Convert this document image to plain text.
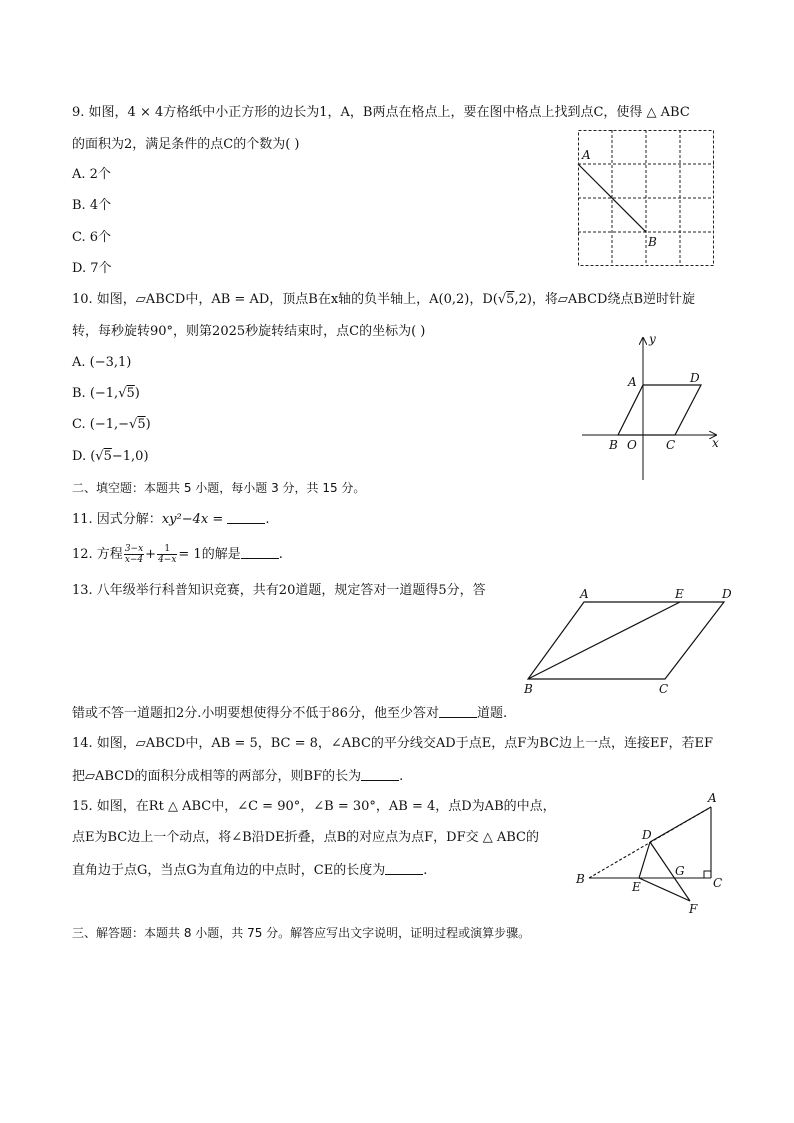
9. 如图，4 × 4方格纸中小正方形的边长为1，A，B两点在格点上，要在图中格点上找到点C，使得 △ ABC
的面积为2，满足条件的点C的个数为( )
A. 2个
B. 4个
C. 6个
D. 7个
A
B
10. 如图，▱ABCD中，AB = AD，顶点B在x轴的负半轴上，A(0,2)，D(√5,2)，将▱ABCD绕点B逆时针旋
转，每秒旋转90°，则第2025秒旋转结束时，点C的坐标为( )
A. (−3,1)
B. (−1,√5)
C. (−1,−√5)
D. (√5−1,0)
y
x
A	D
B O C
二、填空题：本题共 5 小题，每小题 3 分，共 15 分。
11. 因式分解：xy²−4x =	.
12. 方程 $\frac{3-x}{x-4} + \frac{1}{4-x} = 1$的解是	.
13. 八年级举行科普知识竞赛，共有20道题，规定答对一道题得5分，答
错或不答一道题扣2分.小明要想使得分不低于86分，他至少答对	道题.
A	E	D
B	C
14. 如图，▱ABCD中，AB = 5，BC = 8，∠ABC的平分线交AD于点E，点F为BC边上一点，连接EF，若EF
把▱ABCD的面积分成相等的两部分，则BF的长为	.
15. 如图，在Rt △ ABC中，∠C = 90°，∠B = 30°，AB = 4，点D为AB的中点，
点E为BC边上一个动点，将∠B沿DE折叠，点B的对应点为点F，DF交 △ ABC的
直角边于点G，当点G为直角边的中点时，CE的长度为	.
A
D
G
B
E	C
F
三、解答题：本题共 8 小题，共 75 分。解答应写出文字说明，证明过程或演算步骤。
